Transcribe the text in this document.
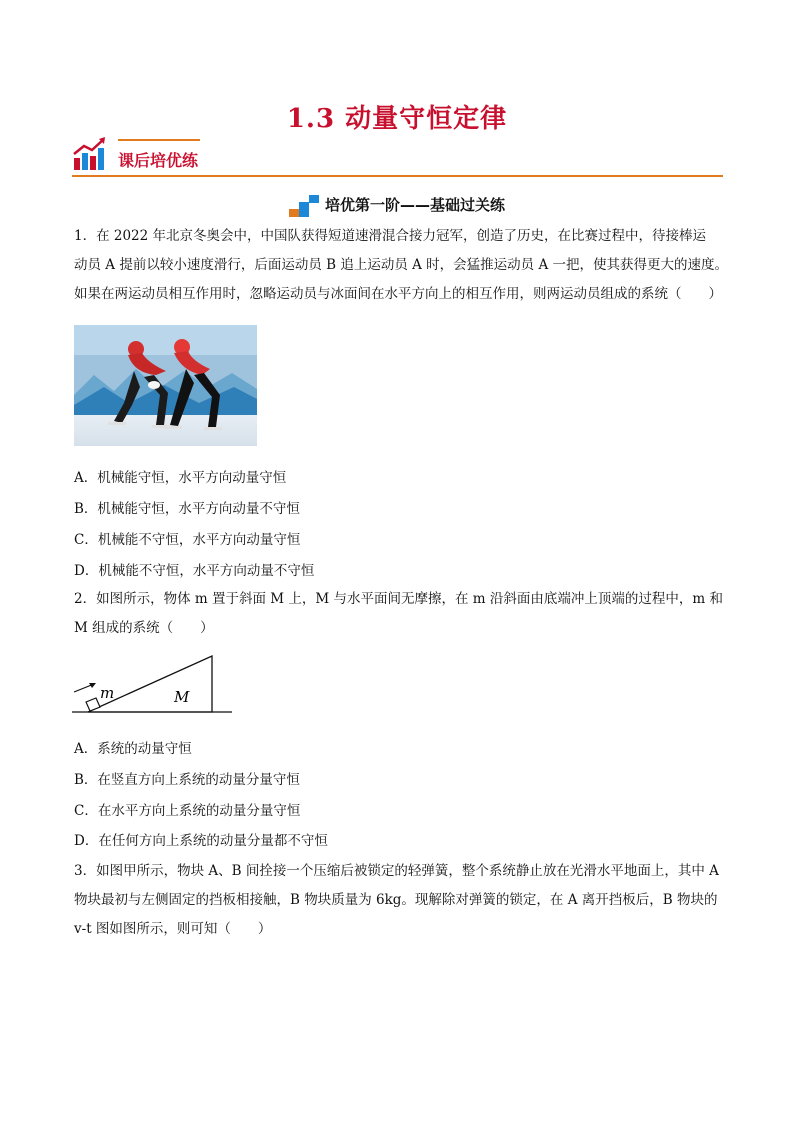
1.3 动量守恒定律
课后培优练
培优第一阶——基础过关练
1．在 2022 年北京冬奥会中，中国队获得短道速滑混合接力冠军，创造了历史，在比赛过程中，待接棒运
动员 A 提前以较小速度滑行，后面运动员 B 追上运动员 A 时，会猛推运动员 A 一把，使其获得更大的速度。
如果在两运动员相互作用时，忽略运动员与冰面间在水平方向上的相互作用，则两运动员组成的系统（　　）
A．机械能守恒，水平方向动量守恒
B．机械能守恒，水平方向动量不守恒
C．机械能不守恒，水平方向动量守恒
D．机械能不守恒，水平方向动量不守恒
2．如图所示，物体 m 置于斜面 M 上，M 与水平面间无摩擦，在 m 沿斜面由底端冲上顶端的过程中，m 和
M 组成的系统（　　）
m	M
A．系统的动量守恒
B．在竖直方向上系统的动量分量守恒
C．在水平方向上系统的动量分量守恒
D．在任何方向上系统的动量分量都不守恒
3．如图甲所示，物块 A、B 间拴接一个压缩后被锁定的轻弹簧，整个系统静止放在光滑水平地面上，其中 A
物块最初与左侧固定的挡板相接触，B 物块质量为 6kg。现解除对弹簧的锁定，在 A 离开挡板后，B 物块的
v-t 图如图所示，则可知（　　）
